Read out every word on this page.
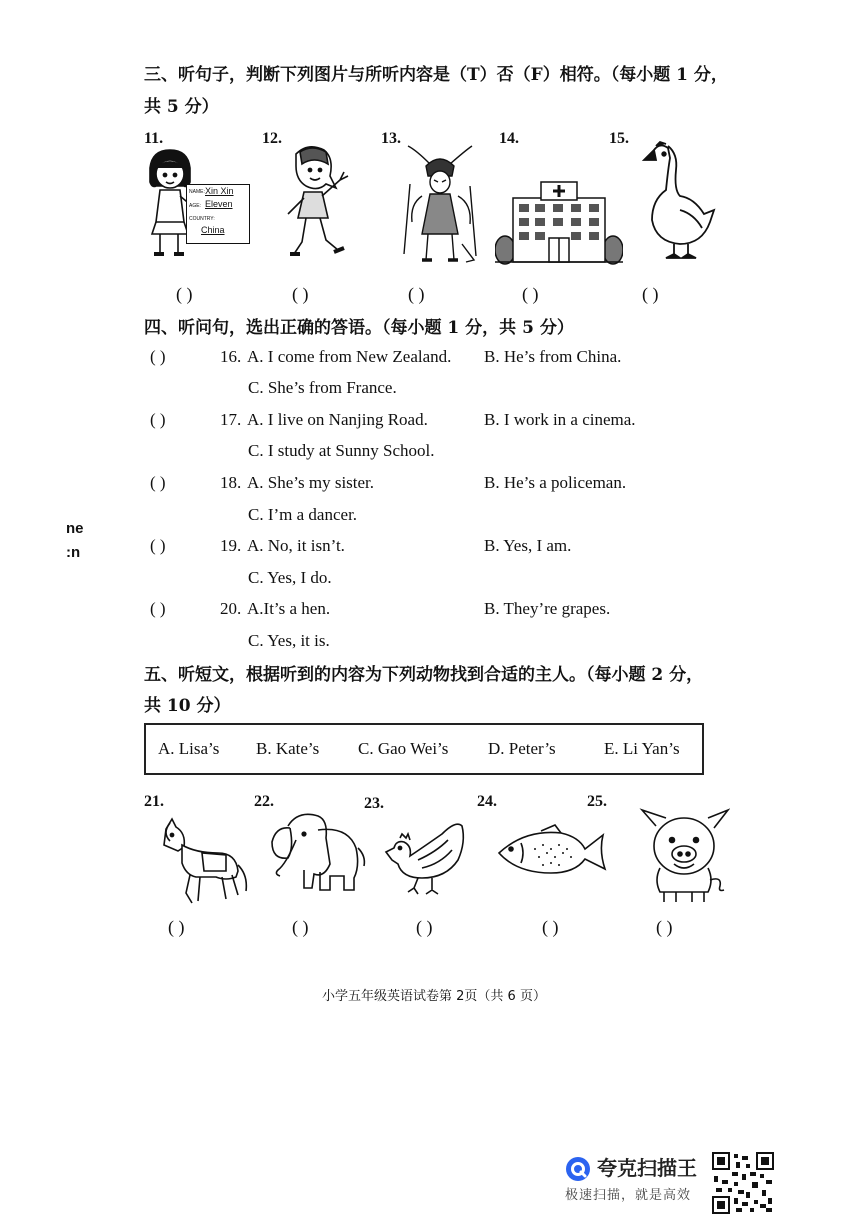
三、听句子，判断下列图片与所听内容是（T）否（F）相符。（每小题 1 分，
共 5 分）
11.	12.	13.	14.	15.
NAME: Xin Xin
AGE: Eleven
COUNTRY:
China
( )	( )	( )	( )	( )
四、听问句，选出正确的答语。（每小题 1 分，共 5 分）
( )	16. A. I come from New Zealand. B. He’s from China.
C. She’s from France.
( )	17. A. I live on Nanjing Road.	B. I work in a cinema.
C. I study at Sunny School.
( )	18. A. She’s my sister.	B. He’s a policeman.
C. I’m a dancer.
( )	19. A. No, it isn’t.	B. Yes, I am.
C. Yes, I do.
( )	20. A.It’s a hen.	B. They’re grapes.
C. Yes, it is.
ne
:n
五、听短文，根据听到的内容为下列动物找到合适的主人。（每小题 2 分，
共 10 分）
A. Lisa’s B. Kate’s C. Gao Wei’s D. Peter’s	E. Li Yan’s
21.	22.	23.	24.	25.
( )	( )	( )	( )	( )
小学五年级英语试卷第 2页（共 6 页）
夸克扫描王
极速扫描，就是高效
